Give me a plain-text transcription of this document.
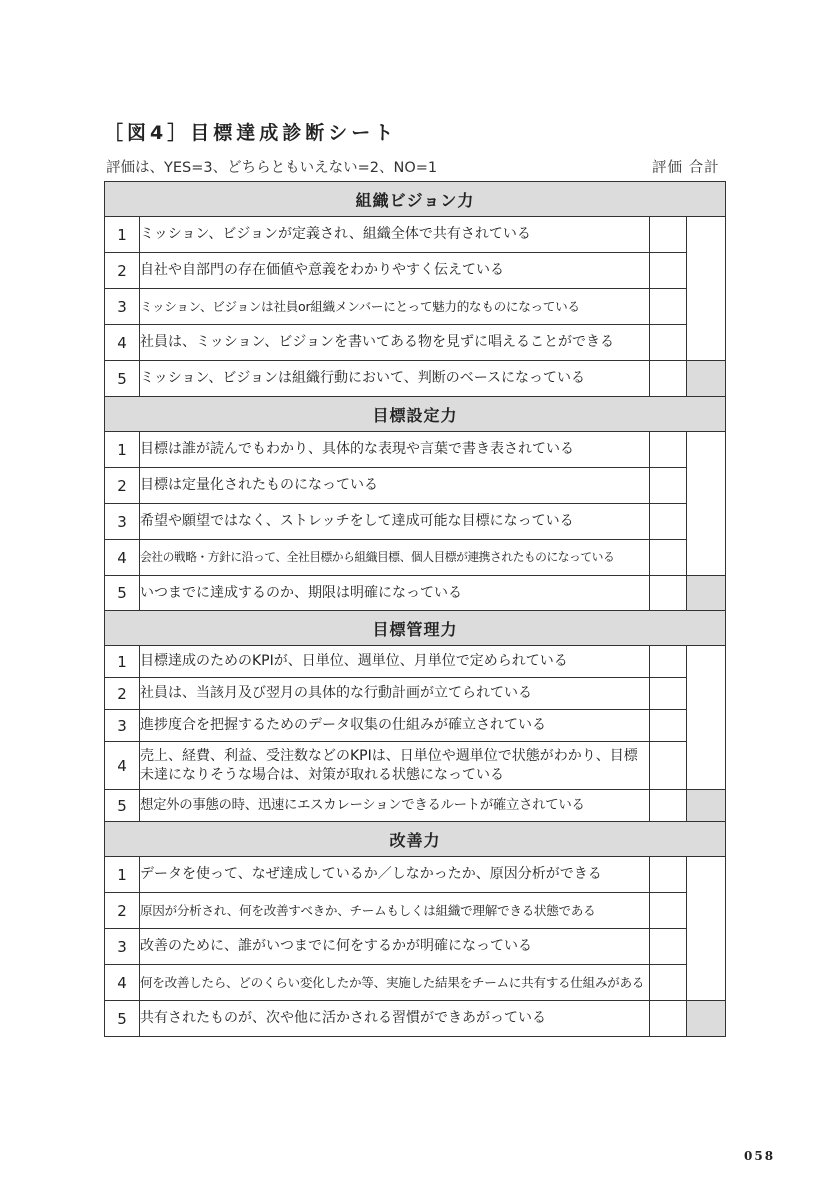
［図4］目標達成診断シート
評価は、YES=3、どちらともいえない=2、NO=1	評価 合計
組織ビジョン力			
1	ミッション、ビジョンが定義され、組織全体で共有されている		
2	自社や自部門の存在価値や意義をわかりやすく伝えている		
3	ミッション、ビジョンは社員or組織メンバーにとって魅力的なものになっている		
4	社員は、ミッション、ビジョンを書いてある物を見ずに唱えることができる		
5	ミッション、ビジョンは組織行動において、判断のベースになっている		
目標設定力			
1	目標は誰が読んでもわかり、具体的な表現や言葉で書き表されている		
2	目標は定量化されたものになっている		
3	希望や願望ではなく、ストレッチをして達成可能な目標になっている		
4	会社の戦略・方針に沿って、全社目標から組織目標、個人目標が連携されたものになっている		
5	いつまでに達成するのか、期限は明確になっている		
目標管理力			
1	目標達成のためのKPIが、日単位、週単位、月単位で定められている		
2	社員は、当該月及び翌月の具体的な行動計画が立てられている		
3	進捗度合を把握するためのデータ収集の仕組みが確立されている		
4	売上、経費、利益、受注数などのKPIは、日単位や週単位で状態がわかり、目標未達になりそうな場合は、対策が取れる状態になっている		
5	想定外の事態の時、迅速にエスカレーションできるルートが確立されている		
改善力			
1	データを使って、なぜ達成しているか／しなかったか、原因分析ができる		
2	原因が分析され、何を改善すべきか、チームもしくは組織で理解できる状態である		
3	改善のために、誰がいつまでに何をするかが明確になっている		
4	何を改善したら、どのくらい変化したか等、実施した結果をチームに共有する仕組みがある		
5	共有されたものが、次や他に活かされる習慣ができあがっている		
058
